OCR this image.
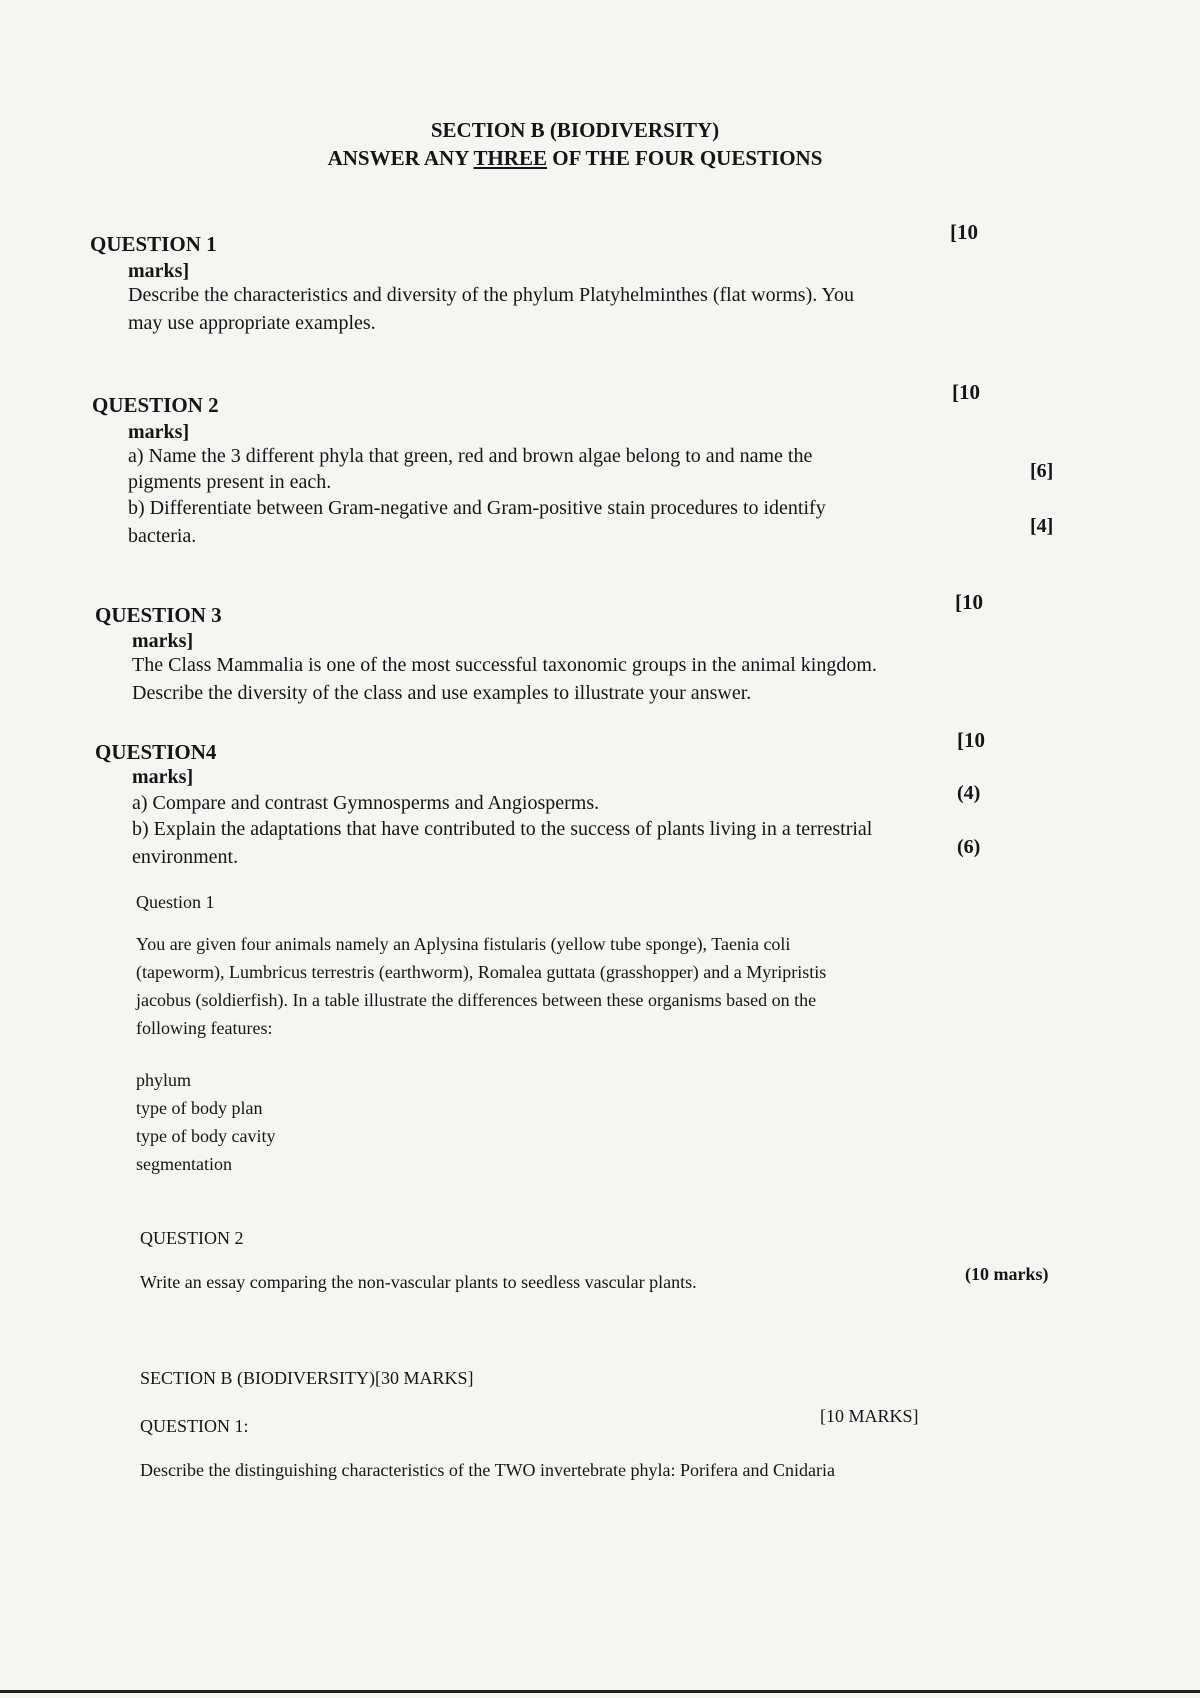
SECTION B (BIODIVERSITY)
ANSWER ANY THREE OF THE FOUR QUESTIONS
QUESTION 1	[10
marks]
Describe the characteristics and diversity of the phylum Platyhelminthes (flat worms). You
may use appropriate examples.
QUESTION 2
[10
marks]
a) Name the 3 different phyla that green, red and brown algae belong to and name the
pigments present in each.	[6]
b) Differentiate between Gram-negative and Gram-positive stain procedures to identify
bacteria.	[4]
QUESTION 3
[10
marks]
The Class Mammalia is one of the most successful taxonomic groups in the animal kingdom.
Describe the diversity of the class and use examples to illustrate your answer.
QUESTION4	[10
marks]
a) Compare and contrast Gymnosperms and Angiosperms.	(4)
b) Explain the adaptations that have contributed to the success of plants living in a terrestrial
environment.	(6)
Question 1
You are given four animals namely an Aplysina fistularis (yellow tube sponge), Taenia coli
(tapeworm), Lumbricus terrestris (earthworm), Romalea guttata (grasshopper) and a Myripristis
jacobus (soldierfish). In a table illustrate the differences between these organisms based on the
following features:
phylum
type of body plan
type of body cavity
segmentation
QUESTION 2
Write an essay comparing the non-vascular plants to seedless vascular plants.	(10 marks)
SECTION B (BIODIVERSITY)[30 MARKS]
QUESTION 1:	[10 MARKS]
Describe the distinguishing characteristics of the TWO invertebrate phyla: Porifera and Cnidaria
